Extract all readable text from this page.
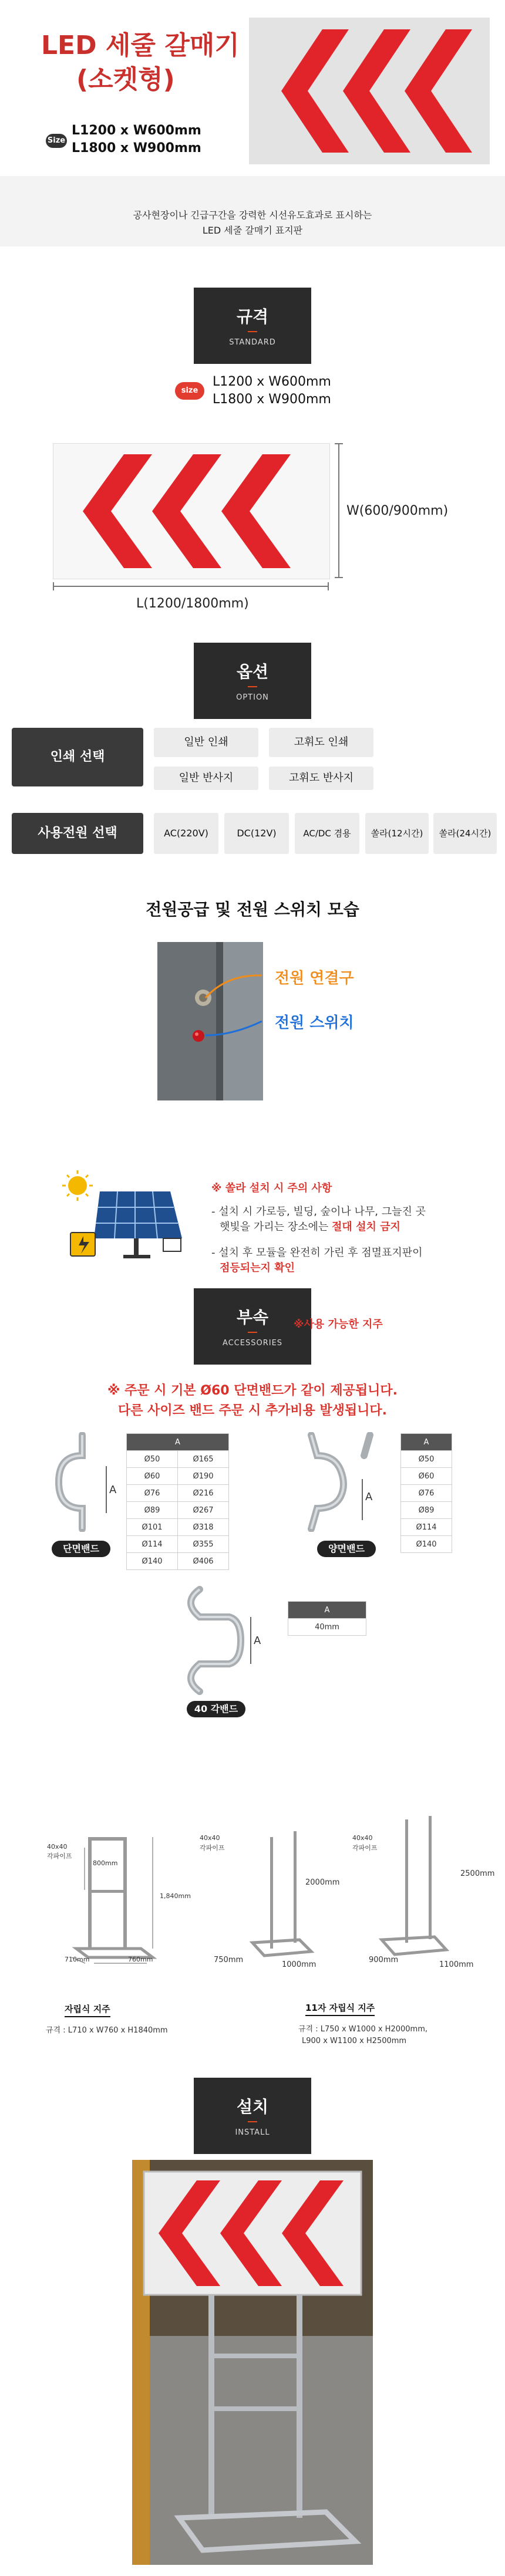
LED 세줄 갈매기
(소켓형)
Size
L1200 x W600mm
L1800 x W900mm
공사현장이나 긴급구간을 강력한 시선유도효과로 표시하는
LED 세줄 갈매기 표지판
규격
STANDARD
size
L1200 x W600mm
L1800 x W900mm
W(600/900mm)
L(1200/1800mm)
옵션
OPTION
인쇄 선택
일반 인쇄	고휘도 인쇄
일반 반사지	고휘도 반사지
사용전원 선택	AC(220V)	DC(12V)	AC/DC 겸용	쏠라(12시간)	쏠라(24시간)
전원공급 및 전원 스위치 모습
전원 연결구
전원 스위치
※ 쏠라 설치 시 주의 사항
- 설치 시 가로등, 빌딩, 숲이나 나무, 그늘진 곳
햇빛을 가리는 장소에는 절대 설치 금지
- 설치 후 모듈을 완전히 가린 후 점멸표지판이
점등되는지 확인
부속
ACCESSORIES
※사용 가능한 지주
※ 주문 시 기본 Ø60 단면밴드가 같이 제공됩니다.
다른 사이즈 밴드 주문 시 추가비용 발생됩니다.
A
단면밴드
A	
Ø50	Ø165
Ø60	Ø190
Ø76	Ø216
Ø89	Ø267
Ø101	Ø318
Ø114	Ø355
Ø140	Ø406
A
양면밴드
A
Ø50
Ø60
Ø76
Ø89
Ø114
Ø140
A
A
40mm
40 각밴드
40x40
각파이프
800mm
1,840mm
760mm
710mm
자립식 지주
규격 : L710 x W760 x H1840mm
40x40
각파이프
2000mm
750mm
1000mm
40x40
각파이프
2500mm
900mm
1100mm
11자 자립식 지주
규격 : L750 x W1000 x H2000mm,
L900 x W1100 x H2500mm
설치
INSTALL
